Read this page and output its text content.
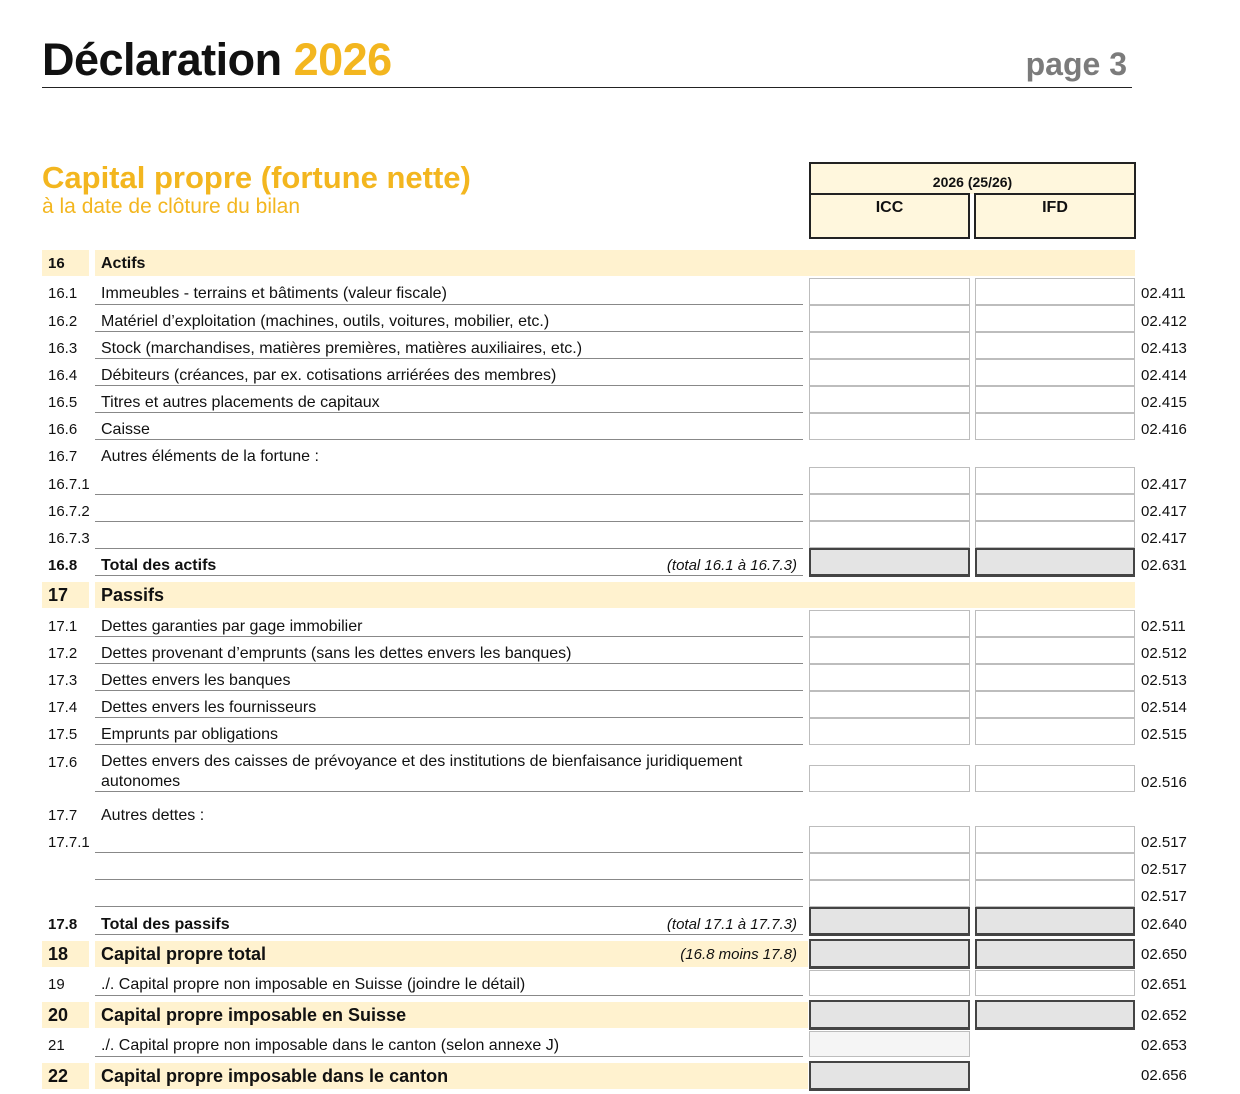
Déclaration 2026	page 3
Capital propre (fortune nette)
à la date de clôture du bilan
2026 (25/26)
ICC	IFD
16 Actifs
16.1 Immeubles - terrains et bâtiments (valeur fiscale)	02.411
16.2 Matériel d’exploitation (machines, outils, voitures, mobilier, etc.)	02.412
16.3 Stock (marchandises, matières premières, matières auxiliaires, etc.)	02.413
16.4 Débiteurs (créances, par ex. cotisations arriérées des membres)	02.414
16.5 Titres et autres placements de capitaux	02.415
16.6 Caisse	02.416
16.7 Autres éléments de la fortune :
16.7.1	02.417
16.7.2	02.417
16.7.3	02.417
16.8 Total des actifs	(total 16.1 à 16.7.3)	02.631
17 Passifs
17.1 Dettes garanties par gage immobilier	02.511
17.2 Dettes provenant d’emprunts (sans les dettes envers les banques)	02.512
17.3 Dettes envers les banques	02.513
17.4 Dettes envers les fournisseurs	02.514
17.5 Emprunts par obligations	02.515
17.6 Dettes envers des caisses de prévoyance et des institutions de bienfaisance juridiquement autonomes	02.516
17.7 Autres dettes :
17.7.1	02.517
02.517
02.517
17.8 Total des passifs	(total 17.1 à 17.7.3)	02.640
18 Capital propre total	(16.8 moins 17.8)	02.650
19 ./. Capital propre non imposable en Suisse (joindre le détail)	02.651
20 Capital propre imposable en Suisse	02.652
21 ./. Capital propre non imposable dans le canton (selon annexe J)	02.653
22 Capital propre imposable dans le canton	02.656
